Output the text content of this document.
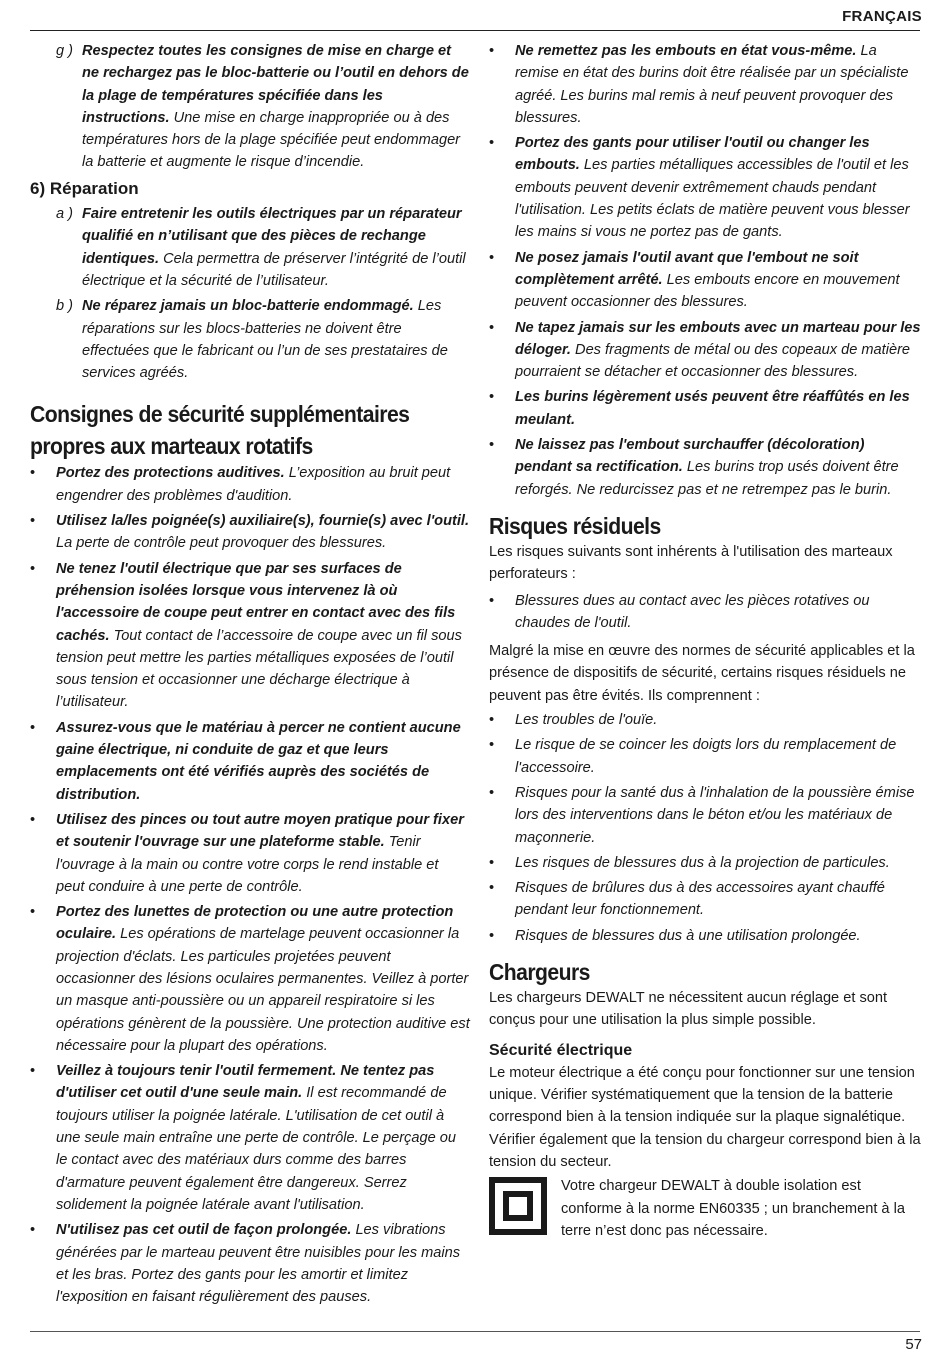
FRANÇAIS
g ) Respectez toutes les consignes de mise en charge et ne rechargez pas le bloc-batterie ou l’outil en dehors de la plage de températures spécifiée dans les instructions. Une mise en charge inappropriée ou à des températures hors de la plage spécifiée peut endommager la batterie et augmente le risque d’incendie.
6) Réparation
a ) Faire entretenir les outils électriques par un réparateur qualifié en n’utilisant que des pièces de rechange identiques. Cela permettra de préserver l’intégrité de l’outil électrique et la sécurité de l’utilisateur.
b ) Ne réparez jamais un bloc-batterie endommagé. Les réparations sur les blocs-batteries ne doivent être effectuées que le fabricant ou l’un de ses prestataires de services agréés.
Consignes de sécurité supplémentaires propres aux marteaux rotatifs
• Portez des protections auditives. L’exposition au bruit peut engendrer des problèmes d'audition.
• Utilisez la/les poignée(s) auxiliaire(s), fournie(s) avec l'outil. La perte de contrôle peut provoquer des blessures.
• Ne tenez l'outil électrique que par ses surfaces de préhension isolées lorsque vous intervenez là où l'accessoire de coupe peut entrer en contact avec des fils cachés. Tout contact de l’accessoire de coupe avec un fil sous tension peut mettre les parties métalliques exposées de l’outil sous tension et occasionner une décharge électrique à l’utilisateur.
• Assurez-vous que le matériau à percer ne contient aucune gaine électrique, ni conduite de gaz et que leurs emplacements ont été vérifiés auprès des sociétés de distribution.
• Utilisez des pinces ou tout autre moyen pratique pour fixer et soutenir l'ouvrage sur une plateforme stable. Tenir l'ouvrage à la main ou contre votre corps le rend instable et peut conduire à une perte de contrôle.
• Portez des lunettes de protection ou une autre protection oculaire. Les opérations de martelage peuvent occasionner la projection d'éclats. Les particules projetées peuvent occasionner des lésions oculaires permanentes. Veillez à porter un masque anti-poussière ou un appareil respiratoire si les opérations génèrent de la poussière. Une protection auditive est nécessaire pour la plupart des opérations.
• Veillez à toujours tenir l'outil fermement. Ne tentez pas d'utiliser cet outil d'une seule main. Il est recommandé de toujours utiliser la poignée latérale. L'utilisation de cet outil à une seule main entraîne une perte de contrôle. Le perçage ou le contact avec des matériaux durs comme des barres d'armature peuvent également être dangereux. Serrez solidement la poignée latérale avant l'utilisation.
• N'utilisez pas cet outil de façon prolongée. Les vibrations générées par le marteau peuvent être nuisibles pour les mains et les bras. Portez des gants pour les amortir et limitez l'exposition en faisant régulièrement des pauses.
• Ne remettez pas les embouts en état vous-même. La remise en état des burins doit être réalisée par un spécialiste agréé. Les burins mal remis à neuf peuvent provoquer des blessures.
• Portez des gants pour utiliser l'outil ou changer les embouts. Les parties métalliques accessibles de l'outil et les embouts peuvent devenir extrêmement chauds pendant l'utilisation. Les petits éclats de matière peuvent vous blesser les mains si vous ne portez pas de gants.
• Ne posez jamais l'outil avant que l'embout ne soit complètement arrêté. Les embouts encore en mouvement peuvent occasionner des blessures.
• Ne tapez jamais sur les embouts avec un marteau pour les déloger. Des fragments de métal ou des copeaux de matière pourraient se détacher et occasionner des blessures.
• Les burins légèrement usés peuvent être réaffûtés en les meulant.
• Ne laissez pas l'embout surchauffer (décoloration) pendant sa rectification. Les burins trop usés doivent être reforgés. Ne redurcissez pas et ne retrempez pas le burin.
Risques résiduels

Les risques suivants sont inhérents à l'utilisation des marteaux perforateurs :

• Blessures dues au contact avec les pièces rotatives ou chaudes de l'outil.

Malgré la mise en œuvre des normes de sécurité applicables et la présence de dispositifs de sécurité, certains risques résiduels ne peuvent pas être évités. Ils comprennent :

• Les troubles de l'ouïe.
• Le risque de se coincer les doigts lors du remplacement de l'accessoire.
• Risques pour la santé dus à l'inhalation de la poussière émise lors des interventions dans le béton et/ou les matériaux de maçonnerie.
• Les risques de blessures dus à la projection de particules.
• Risques de brûlures dus à des accessoires ayant chauffé pendant leur fonctionnement.
• Risques de blessures dus à une utilisation prolongée.
Chargeurs

Les chargeurs DEWALT ne nécessitent aucun réglage et sont conçus pour une utilisation la plus simple possible.

Sécurité électrique

Le moteur électrique a été conçu pour fonctionner sur une tension unique. Vérifier systématiquement que la tension de la batterie correspond bien à la tension indiquée sur la plaque signalétique. Vérifier également que la tension du chargeur correspond bien à la tension du secteur.

Votre chargeur DEWALT à double isolation est conforme à la norme EN60335 ; un branchement à la terre n’est donc pas nécessaire.
57
